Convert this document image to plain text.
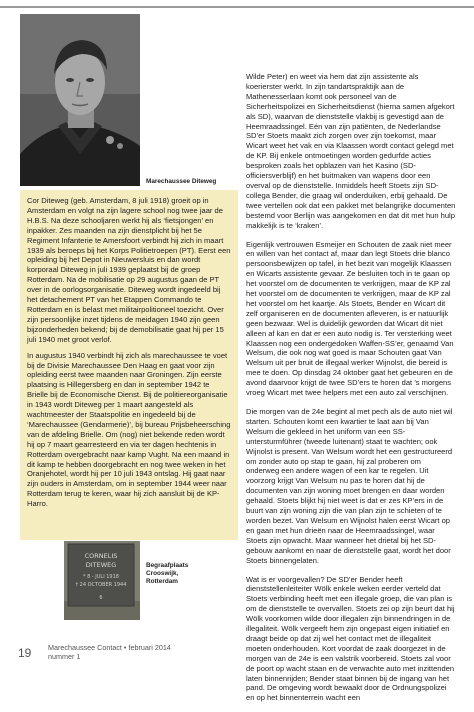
Marechaussee Diteweg

Cor Diteweg (geb. Amsterdam, 8 juli 1918) groeit op in Amsterdam en volgt na zijn lagere school nog twee jaar de H.B.S. Na deze schooljaren werkt hij als ‘fietsjongen’ en inpakker. Zes maanden na zijn dienstplicht bij het 5e Regiment Infanterie te Amersfoort verbindt hij zich in maart 1939 als beroeps bij het Korps Politietroepen (PT). Eerst een opleiding bij het Depot in Nieuwersluis en dan wordt korporaal Diteweg in juli 1939 geplaatst bij de groep Rotterdam. Na de mobilisatie op 29 augustus gaan de PT over in de oorlogsorganisatie. Diteweg wordt ingedeeld bij het detachement PT van het Etappen Commando te Rotterdam en is belast met militairpolitioneel toezicht. Over zijn persoonlijke inzet tijdens de meidagen 1940 zijn geen bijzonderheden bekend; bij de demobilisatie gaat hij per 15 juli 1940 met groot verlof.

In augustus 1940 verbindt hij zich als marechaussee te voet bij de Divisie Marechaussee Den Haag en gaat voor zijn opleiding eerst twee maanden naar Groningen. Zijn eerste plaatsing is Hillegersberg en dan in september 1942 te Brielle bij de Economische Dienst. Bij de politiereorganisatie in 1943 wordt Diteweg per 1 maart aangesteld als wachtmeester der Staatspolitie en ingedeeld bij de ‘Marechaussee (Gendarmerie)’, bij bureau Prijsbeheersching van de afdeling Brielle. Om (nog) niet bekende reden wordt hij op 7 maart gearresteerd en via ter dagen hechtenis in Rotterdam overgebracht naar kamp Vught. Na een maand in dit kamp te hebben doorgebracht en nog twee weken in het Oranjehotel, wordt hij per 10 juli 1943 ontslag. Hij gaat naar zijn ouders in Amsterdam, om in september 1944 weer naar Rotterdam terug te keren, waar hij zich aansluit bij de KP-Harro.

CORNELIS
DITEWEG
* 8 - JULI 1918
† 24 OCTOBER 1944
6
Begraafplaats
Crooswijk,
Rotterdam

Wilde Peter) en weet via hem dat zijn assistente als koerierster werkt. In zijn tandartspraktijk aan de Mathenesserlaan komt ook personeel van de Sicherheitspolizei en Sicherheitsdienst (hierna samen afgekort als SD), waarvan de dienststelle vlakbij is gevestigd aan de Heemraadssingel. Eén van zijn patiënten, de Nederlandse SD’er Stoets maakt zich zorgen over zijn toekomst, maar Wicart weet het vak en via Klaassen wordt contact gelegd met de KP. Bij enkele ontmoetingen worden gedurfde acties besproken zoals het opblazen van het Kasino (SD-officiersverblijf) en het buitmaken van wapens door een overval op de dienststelle. Inmiddels heeft Stoets zijn SD-collega Bender, die graag wil onderduiken, erbij gehaald. De twee vertellen ook dat een pakket met belangrijke documenten bestemd voor Berlijn was aangekomen en dat dit met hun hulp makkelijk is te ‘kraken’.

Eigenlijk vertrouwen Esmeijer en Schouten de zaak niet meer en willen van het contact af, maar dan legt Stoets drie blanco persoonsbewijzen op tafel, in het bezit van mogelijk Klaassen en Wicarts assistente gevaar. Ze besluiten toch in te gaan op het voorstel om de documenten te verkrijgen, maar de KP zal het voorstel om de documenten te verkrijgen, maar de KP zal het voorstel om het kaartje. Als Stoets, Bender en Wicart dit zelf organiseren en de documenten afleveren, is er natuurlijk geen bezwaar. Wel is duidelijk geworden dat Wicart dit niet alleen af kan en dat er een auto nodig is. Ter versterking weet Klaassen nog een ondergedoken Waffen-SS’er, genaamd Van Welsum, die ook nog wat goed is maar Schouten gaat Van Welsum uit per bruit de illegaal werker Wijnolst, die bereid is mee te doen. Op dinsdag 24 oktober gaat het gebeuren en de avond daarvoor krijgt de twee SD’ers te horen dat ’s morgens vroeg Wicart met twee helpers met een auto zal verschijnen.

Die morgen van de 24e begint al met pech als de auto niet wil starten. Schouten komt een kwartier te laat aan bij Van Welsum die gekleed in het uniform van een SS-untersturmführer (tweede luitenant) staat te wachten; ook Wijnolst is present. Van Welsum wordt het een gestructureerd om zonder auto op stap te gaan, hij zal proberen om onderweg een andere wagen of een kar te regelen. Uit voorzorg krijgt Van Welsum nu pas te horen dat hij de documenten van zijn woning moet brengen en daar worden gehaald. Stoets blijkt hij niet weet is dat er zes KP’ers in de buurt van zijn woning zijn die van plan zijn te schieten of te worden bezet. Van Welsum en Wijnolst halen eerst Wicart op en gaan met hun drieën naar de Heemraadssingel, waar Stoets zijn opwacht. Maar wanneer het drietal bij het SD-gebouw aankomt en naar de dienststelle gaat, wordt het door Stoets binnengelaten.

Wat is er voorgevallen? De SD’er Bender heeft dienststellenleiteiter Wölk enkele weken eerder verteld dat Stoets verbinding heeft met een illegale groep, die van plan is om de dienststelle te overvallen. Stoets zei op zijn beurt dat hij Wölk voorkomen wilde door illegalen zijn binnendringen in de illegaliteit. Wölk vergeeft hem zijn ongepast eigen initiatief en draagt beide op dat zij wel het contact met de illegaliteit moeten onderhouden. Kort voordat de zaak doorgezet in de morgen van de 24e is een valstrik voorbereid. Stoets zal voor de poort op wacht staan en de verwachte auto met inzittenden laten binnenrijden; Bender staat binnen bij de ingang van het pand. De omgeving wordt bewaakt door de Ordnungspolizei en op het binnenterrein wacht een

19 Marechaussee Contact • februari 2014
nummer 1
